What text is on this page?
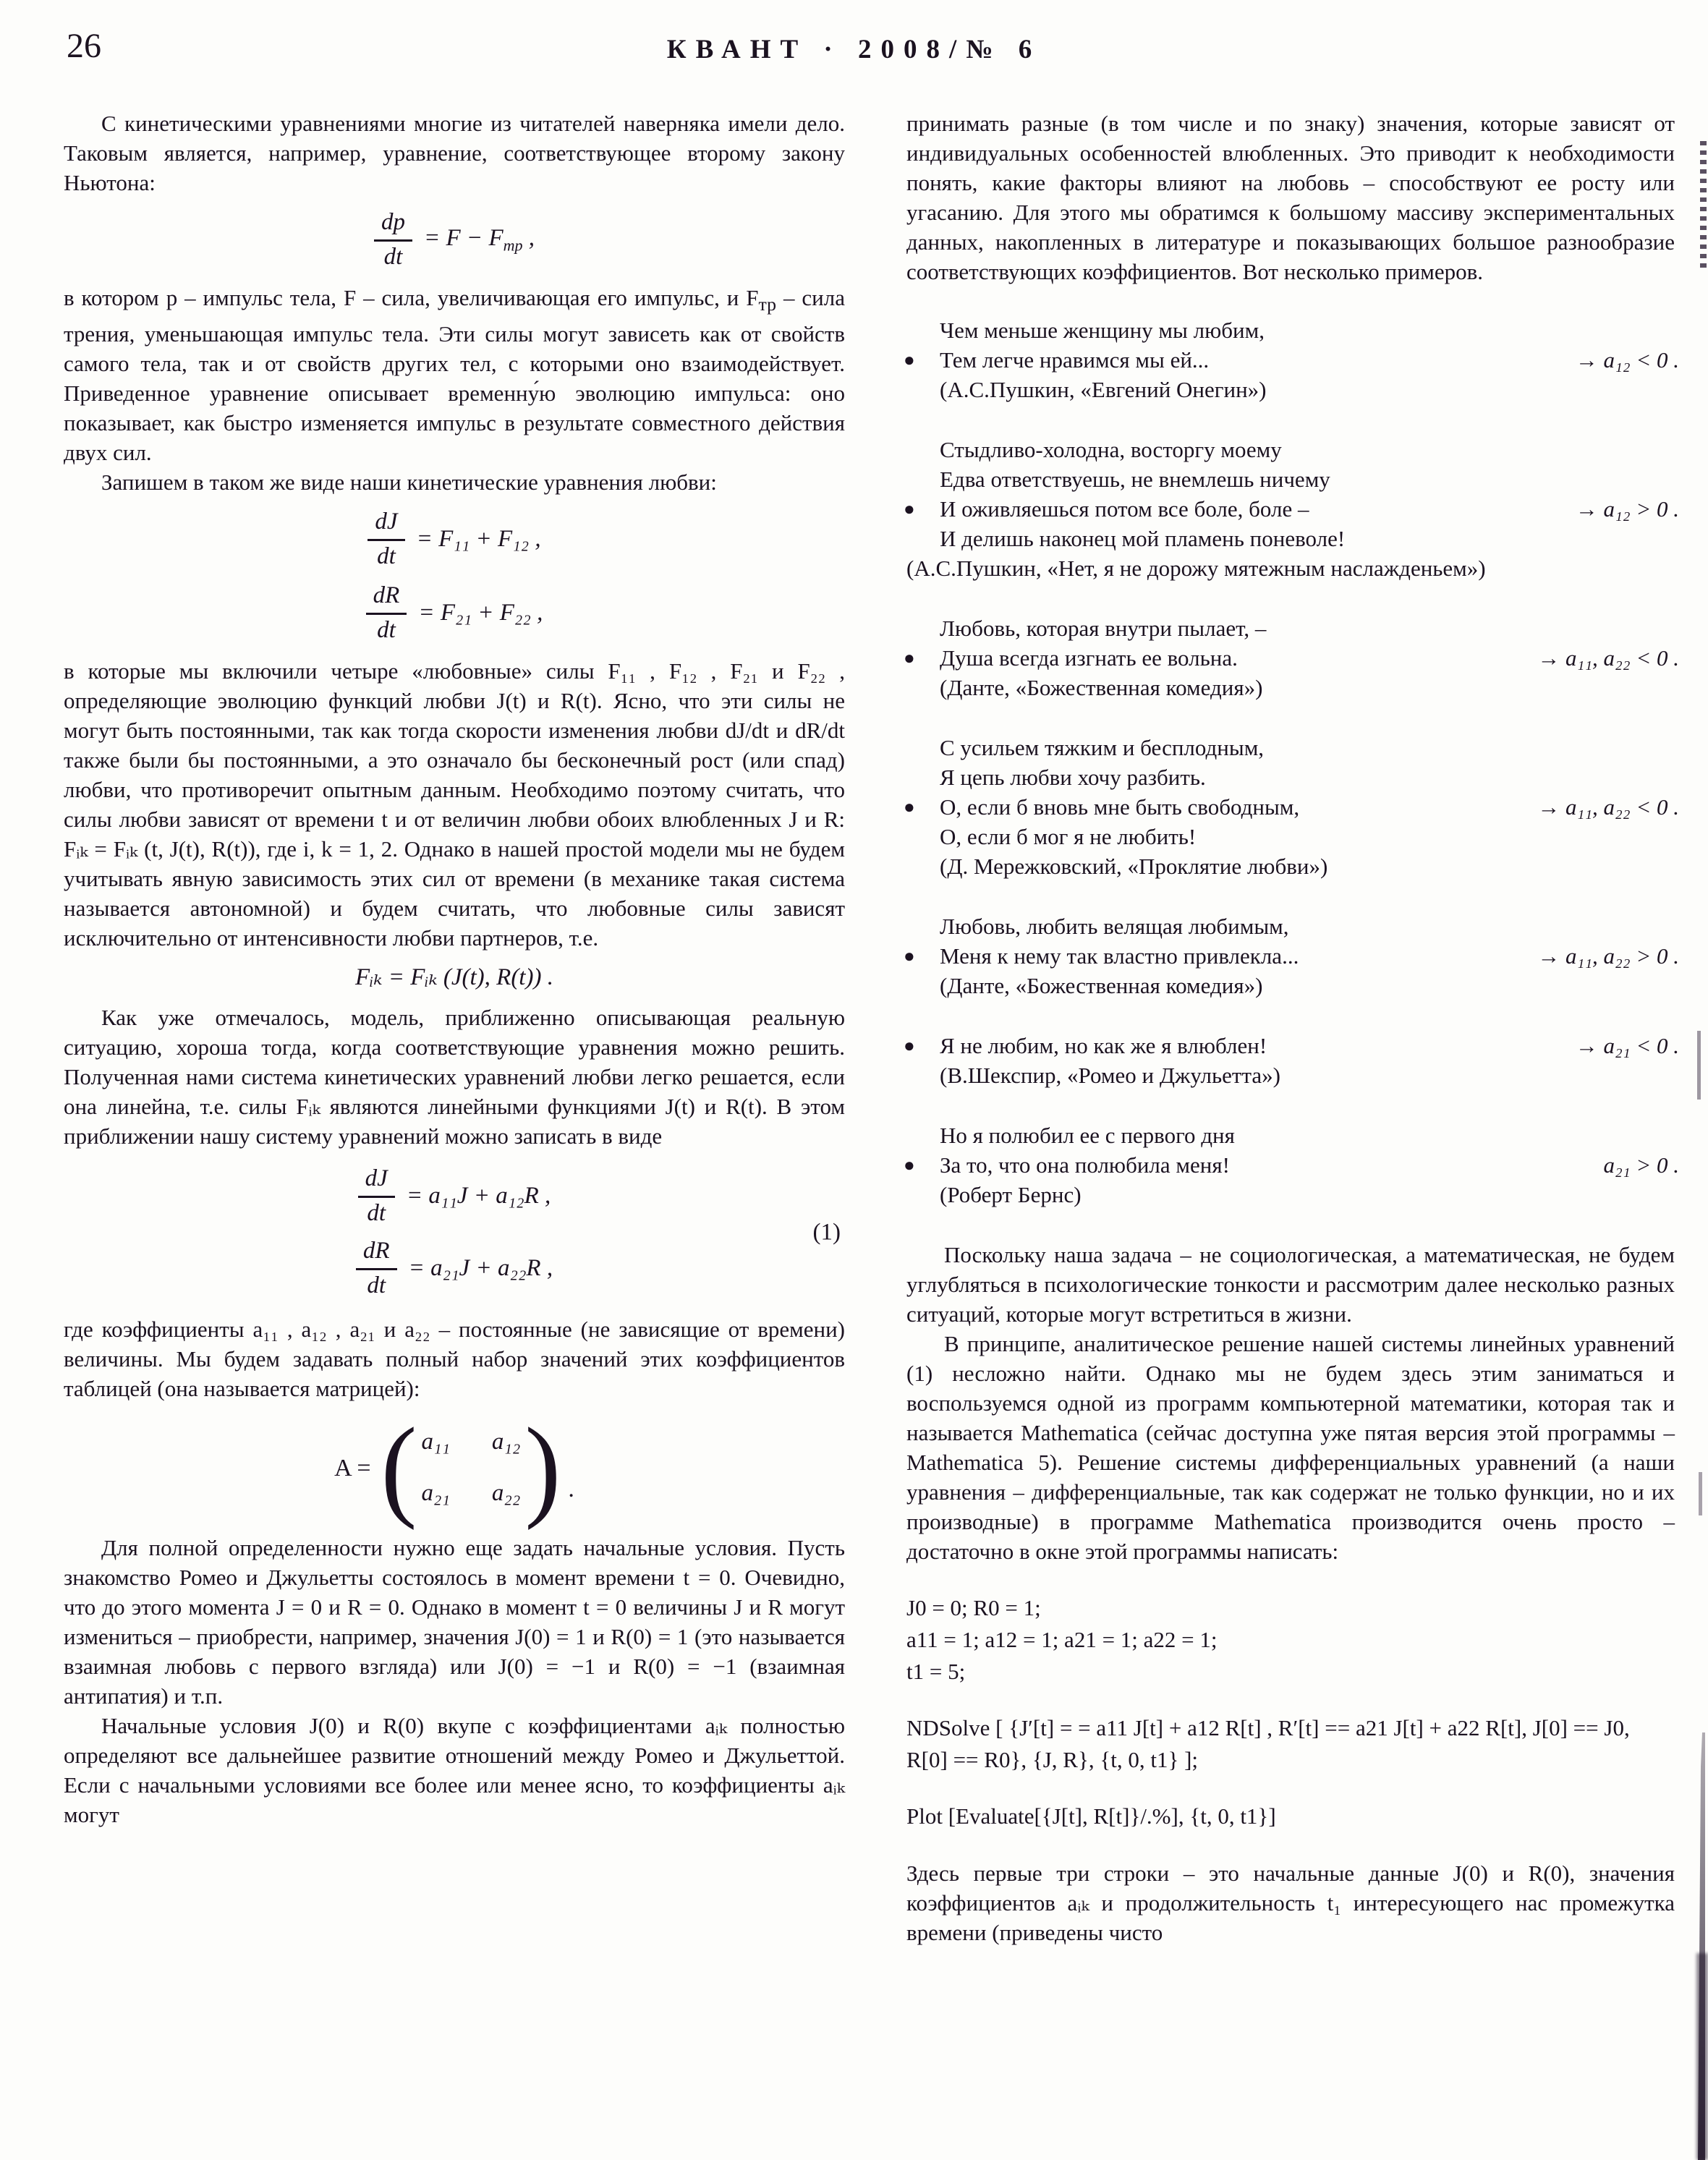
26	КВАНТ · 2008/№ 6

С кинетическими уравнениями многие из читателей наверняка имели дело. Таковым является, например, уравнение, соответствующее второму закону Ньютона:

$\frac{dp}{dt} = F - F_{тр}$ ,

в котором p – импульс тела, F – сила, увеличивающая его импульс, и $F_{тр}$ – сила трения, уменьшающая импульс тела. Эти силы могут зависеть как от свойств самого тела, так и от свойств других тел, с которыми оно взаимодействует. Приведенное уравнение описывает временну́ю эволюцию импульса: оно показывает, как быстро изменяется импульс в результате совместного действия двух сил.

Запишем в таком же виде наши кинетические уравнения любви:

$\frac{dJ}{dt} = F_{11} + F_{12}$ ,
$\frac{dR}{dt} = F_{21} + F_{22}$ ,

в которые мы включили четыре «любовные» силы F₁₁ , F₁₂ , F₂₁ и F₂₂ , определяющие эволюцию функций любви J(t) и R(t). Ясно, что эти силы не могут быть постоянными, так как тогда скорости изменения любви dJ/dt и dR/dt также были бы постоянными, а это означало бы бесконечный рост (или спад) любви, что противоречит опытным данным. Необходимо поэтому считать, что силы любви зависят от времени t и от величин любви обоих влюбленных J и R: Fᵢₖ = Fᵢₖ (t, J(t), R(t)), где i, k = 1, 2. Однако в нашей простой модели мы не будем учитывать явную зависимость этих сил от времени (в механике такая система называется автономной) и будем считать, что любовные силы зависят исключительно от интенсивности любви партнеров, т.е.

Fᵢₖ = Fᵢₖ (J(t), R(t)) .

Как уже отмечалось, модель, приближенно описывающая реальную ситуацию, хороша тогда, когда соответствующие уравнения можно решить. Полученная нами система кинетических уравнений любви легко решается, если она линейна, т.е. силы Fᵢₖ являются линейными функциями J(t) и R(t). В этом приближении нашу систему уравнений можно записать в виде

$\frac{dJ}{dt} = a_{11}J + a_{12}R$ ,
$\frac{dR}{dt} = a_{21}J + a_{22}R$ ,
(1)

где коэффициенты a₁₁ , a₁₂ , a₂₁ и a₂₂ – постоянные (не зависящие от времени) величины. Мы будем задавать полный набор значений этих коэффициентов таблицей (она называется матрицей):

A = ( a₁₁ a₁₂
a₂₁ a₂₂ ) .

Для полной определенности нужно еще задать начальные условия. Пусть знакомство Ромео и Джульетты состоялось в момент времени t = 0. Очевидно, что до этого момента J = 0 и R = 0. Однако в момент t = 0 величины J и R могут измениться – приобрести, например, значения J(0) = 1 и R(0) = 1 (это называется взаимная любовь с первого взгляда) или J(0) = −1 и R(0) = −1 (взаимная антипатия) и т.п.

Начальные условия J(0) и R(0) вкупе с коэффициентами aᵢₖ полностью определяют все дальнейшее развитие отношений между Ромео и Джульеттой. Если с начальными условиями все более или менее ясно, то коэффициенты aᵢₖ могут

принимать разные (в том числе и по знаку) значения, которые зависят от индивидуальных особенностей влюбленных. Это приводит к необходимости понять, какие факторы влияют на любовь – способствуют ее росту или угасанию. Для этого мы обратимся к большому массиву экспериментальных данных, накопленных в литературе и показывающих большое разнообразие соответствующих коэффициентов. Вот несколько примеров.

●
Чем меньше женщину мы любим,
Тем легче нравимся мы ей...
(А.С.Пушкин, «Евгений Онегин»)
→ a₁₂ < 0 .
●
Стыдливо-холодна, восторгу моему
Едва ответствуешь, не внемлешь ничему
И оживляешься потом все боле, боле –
И делишь наконец мой пламень поневоле!
(А.С.Пушкин, «Нет, я не дорожу мятежным наслажденьем»)
→ a₁₂ > 0 .
●
Любовь, которая внутри пылает, –
Душа всегда изгнать ее вольна.
(Данте, «Божественная комедия»)
→ a₁₁, a₂₂ < 0 .
●
С усильем тяжким и бесплодным,
Я цепь любви хочу разбить.
О, если б вновь мне быть свободным,
О, если б мог я не любить!
(Д. Мережковский, «Проклятие любви»)
→ a₁₁, a₂₂ < 0 .
●
Любовь, любить велящая любимым,
Меня к нему так властно привлекла...
(Данте, «Божественная комедия»)
→ a₁₁, a₂₂ > 0 .
● Я не любим, но как же я влюблен!
(В.Шекспир, «Ромео и Джульетта»)
→ a₂₁ < 0 .
●
Но я полюбил ее с первого дня
За то, что она полюбила меня!
(Роберт Бернс)
a₂₁ > 0 .

Поскольку наша задача – не социологическая, а математическая, не будем углубляться в психологические тонкости и рассмотрим далее несколько разных ситуаций, которые могут встретиться в жизни.

В принципе, аналитическое решение нашей системы линейных уравнений (1) несложно найти. Однако мы не будем здесь этим заниматься и воспользуемся одной из программ компьютерной математики, которая так и называется Mathematica (сейчас доступна уже пятая версия этой программы – Mathematica 5). Решение системы дифференциальных уравнений (а наши уравнения – дифференциальные, так как содержат не только функции, но и их производные) в программе Mathematica производится очень просто – достаточно в окне этой программы написать:

J0 = 0; R0 = 1;
a11 = 1; a12 = 1; a21 = 1; a22 = 1;
t1 = 5;
NDSolve [ {J′[t] = = a11 J[t] + a12 R[t] , R′[t] == a21 J[t] + a22 R[t], J[0] == J0, R[0] == R0}, {J, R}, {t, 0, t1} ];
Plot [Evaluate[{J[t], R[t]}/.%], {t, 0, t1}]

Здесь первые три строки – это начальные данные J(0) и R(0), значения коэффициентов aᵢₖ и продолжительность t₁ интересующего нас промежутка времени (приведены чисто
